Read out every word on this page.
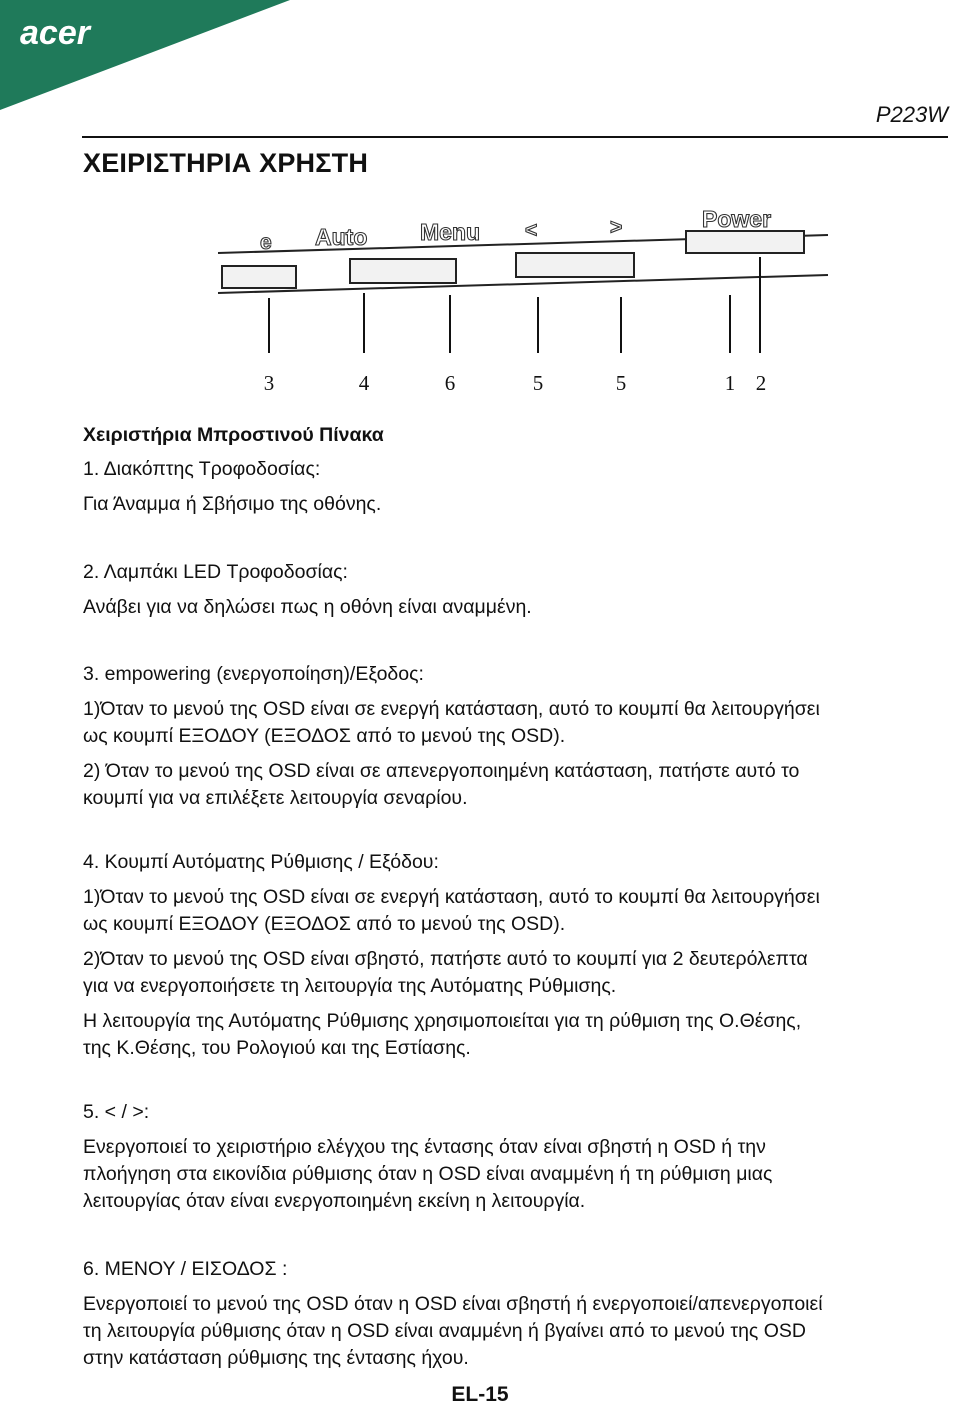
acer
P223W
ΧΕΙΡΙΣΤΗΡΙΑ ΧΡΗΣΤΗ
e Auto Menu <	>	Power
3	4	6	5	5	1 2
Χειριστήρια Μπροστινού Πίνακα
1. Διακόπτης Τροφοδοσίας:
Για Άναμμα ή Σβήσιμο της οθόνης.
2. Λαμπάκι LED Τροφοδοσίας:
Ανάβει για να δηλώσει πως η οθόνη είναι αναμμένη.
3. empowering (ενεργοποίηση)/Εξοδος:
1)Όταν το μενού της OSD είναι σε ενεργή κατάσταση, αυτό το κουμπί θα λειτουργήσει
ως κουμπί ΕΞΟΔΟΥ (ΕΞΟΔΟΣ από το μενού της OSD).
2) Όταν το μενού της OSD είναι σε απενεργοποιημένη κατάσταση, πατήστε αυτό το
κουμπί για να επιλέξετε λειτουργία σεναρίου.
4. Κουμπί Αυτόματης Ρύθμισης / Εξόδου:
1)Όταν το μενού της OSD είναι σε ενεργή κατάσταση, αυτό το κουμπί θα λειτουργήσει
ως κουμπί ΕΞΟΔΟΥ (ΕΞΟΔΟΣ από το μενού της OSD).
2)Όταν το μενού της OSD είναι σβηστό, πατήστε αυτό το κουμπί για 2 δευτερόλεπτα
για να ενεργοποιήσετε τη λειτουργία της Αυτόματης Ρύθμισης.
Η λειτουργία της Αυτόματης Ρύθμισης χρησιμοποιείται για τη ρύθμιση της Ο.Θέσης,
της Κ.Θέσης, του Ρολογιού και της Εστίασης.
5. < / >:
Ενεργοποιεί το χειριστήριο ελέγχου της έντασης όταν είναι σβηστή η OSD ή την
πλοήγηση στα εικονίδια ρύθμισης όταν η OSD είναι αναμμένη ή τη ρύθμιση μιας
λειτουργίας όταν είναι ενεργοποιημένη εκείνη η λειτουργία.
6. ΜΕΝΟΥ / ΕΙΣΟΔΟΣ :
Ενεργοποιεί το μενού της OSD όταν η OSD είναι σβηστή ή ενεργοποιεί/απενεργοποιεί
τη λειτουργία ρύθμισης όταν η OSD είναι αναμμένη ή βγαίνει από το μενού της OSD
στην κατάσταση ρύθμισης της έντασης ήχου.
EL-15
